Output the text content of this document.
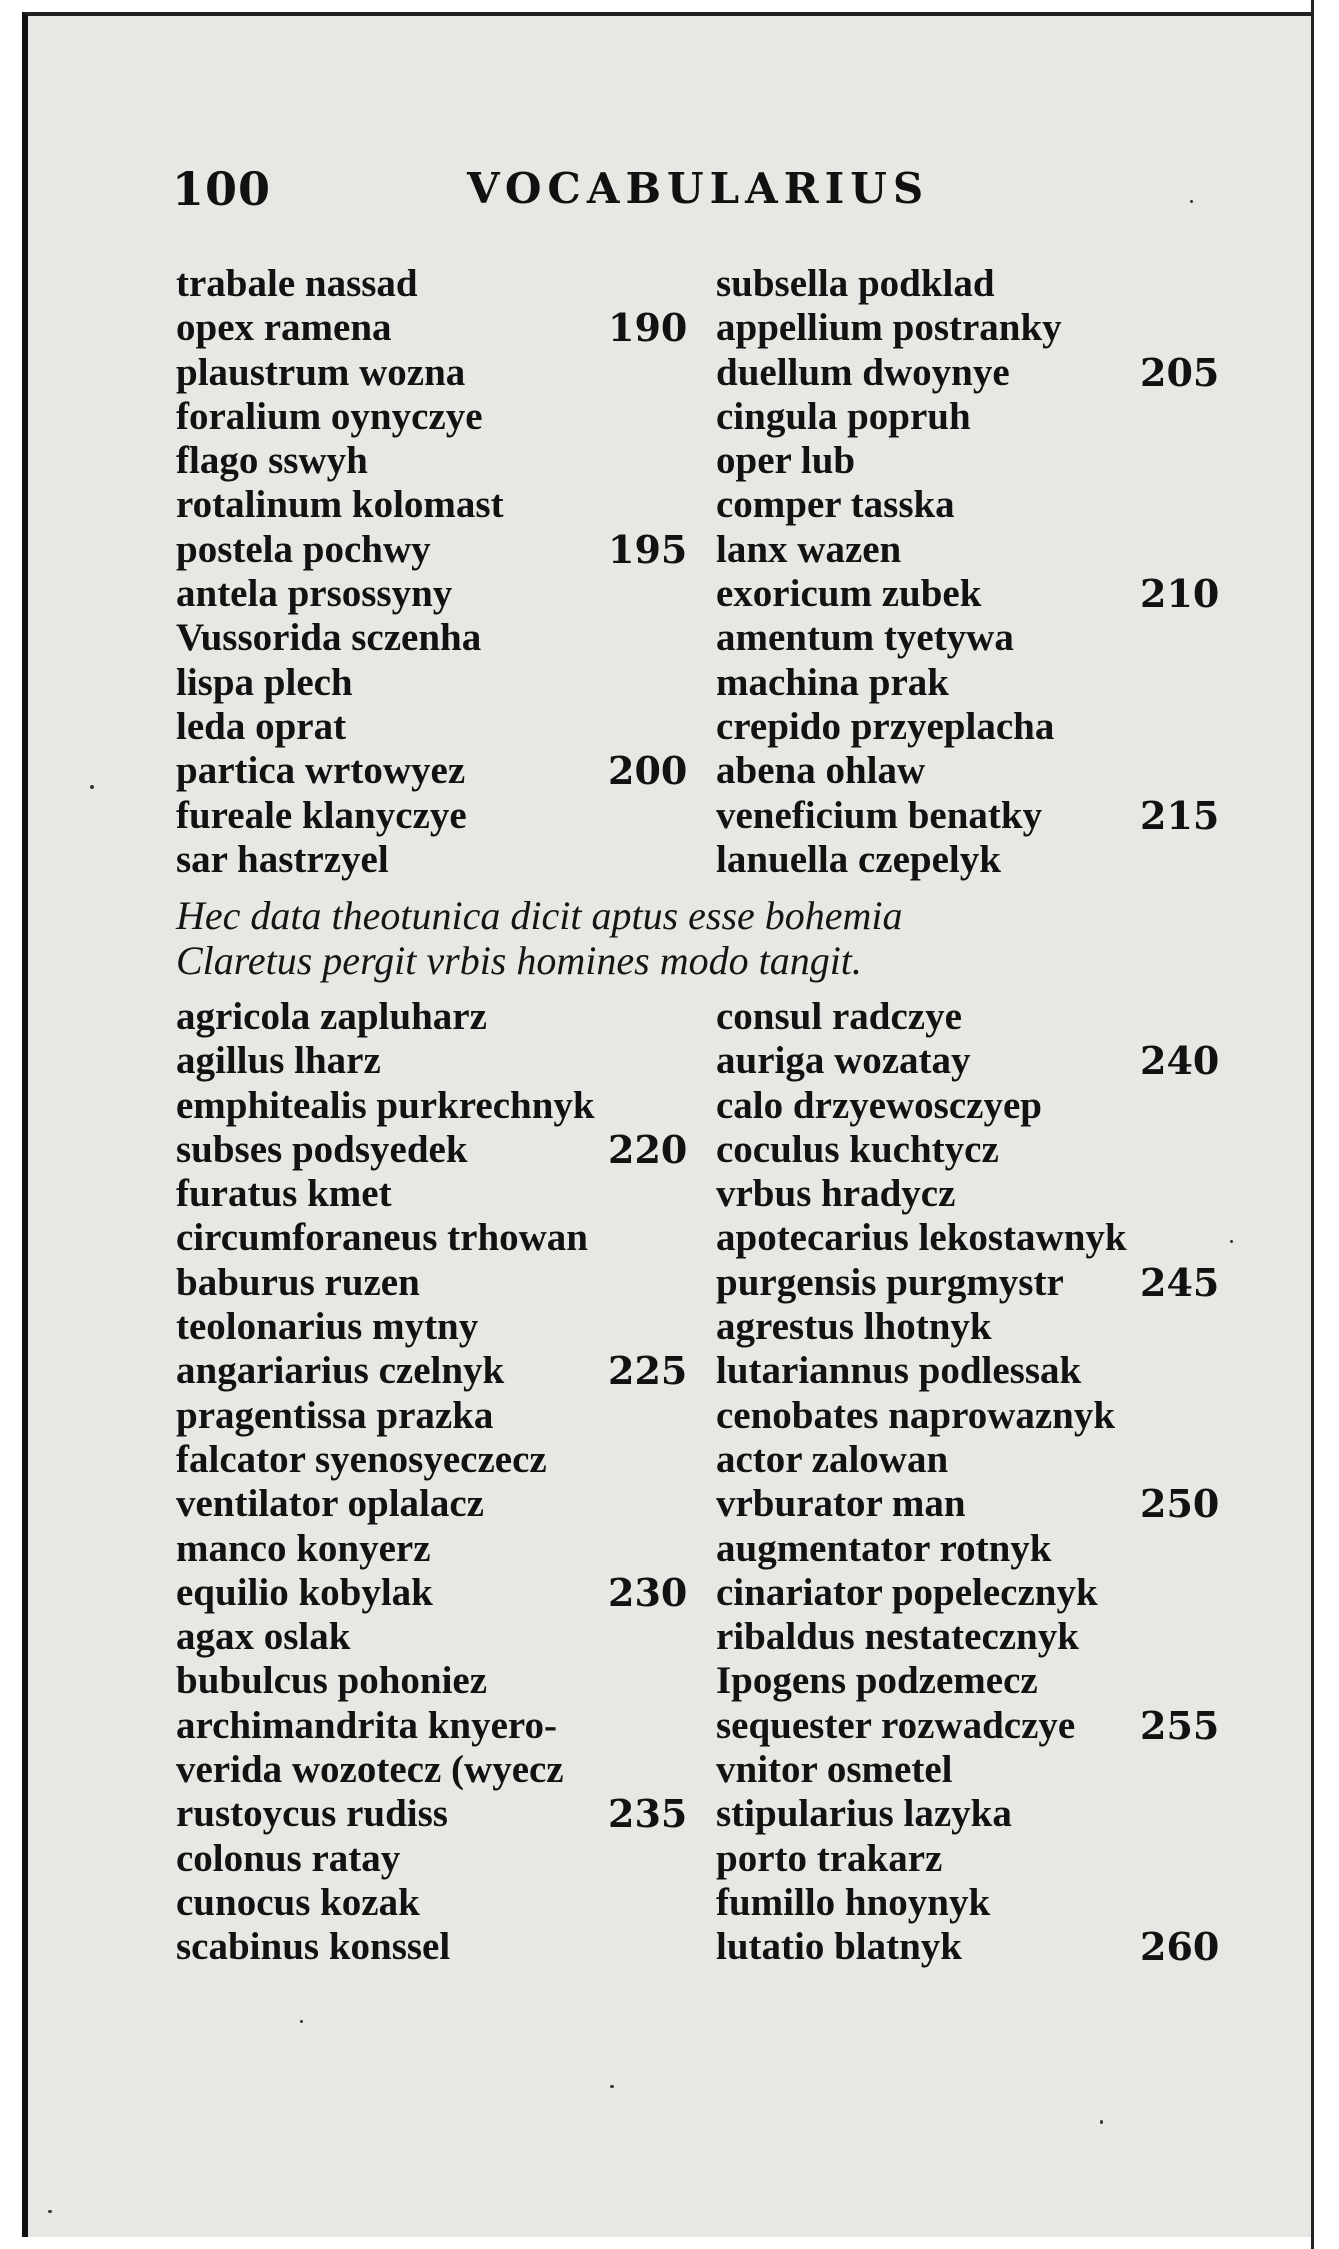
100	VOCABULARIUS
trabale nassad
opex ramena	190
plaustrum wozna
foralium oynyczye
flago sswyh
rotalinum kolomast
postela pochwy	195
antela prsossyny
Vussorida sczenha
lispa plech
leda oprat
partica wrtowyez	200
fureale klanyczye
sar hastrzyel
subsella podklad
appellium postranky
duellum dwoynye	205
cingula popruh
oper lub
comper tasska
lanx wazen
exoricum zubek	210
amentum tyetywa
machina prak
crepido przyeplacha
abena ohlaw
veneficium benatky	215
lanuella czepelyk
Hec data theotunica dicit aptus esse bohemia
Claretus pergit vrbis homines modo tangit.
agricola zapluharz
agillus lharz
emphitealis purkrechnyk
subses podsyedek	220
furatus kmet
circumforaneus trhowan
baburus ruzen
teolonarius mytny
angariarius czelnyk	225
pragentissa prazka
falcator syenosyeczecz
ventilator oplalacz
manco konyerz
equilio kobylak	230
agax oslak
bubulcus pohoniez
archimandrita knyero-
verida wozotecz (wyecz
rustoycus rudiss	235
colonus ratay
cunocus kozak
scabinus konssel
consul radczye
auriga wozatay	240
calo drzyewosczyep
coculus kuchtycz
vrbus hradycz
apotecarius lekostawnyk
purgensis purgmystr 245
agrestus lhotnyk
lutariannus podlessak
cenobates naprowaznyk
actor zalowan
vrburator man	250
augmentator rotnyk
cinariator popelecznyk
ribaldus nestatecznyk
Ipogens podzemecz
sequester rozwadczye 255
vnitor osmetel
stipularius lazyka
porto trakarz
fumillo hnoynyk
lutatio blatnyk	260
